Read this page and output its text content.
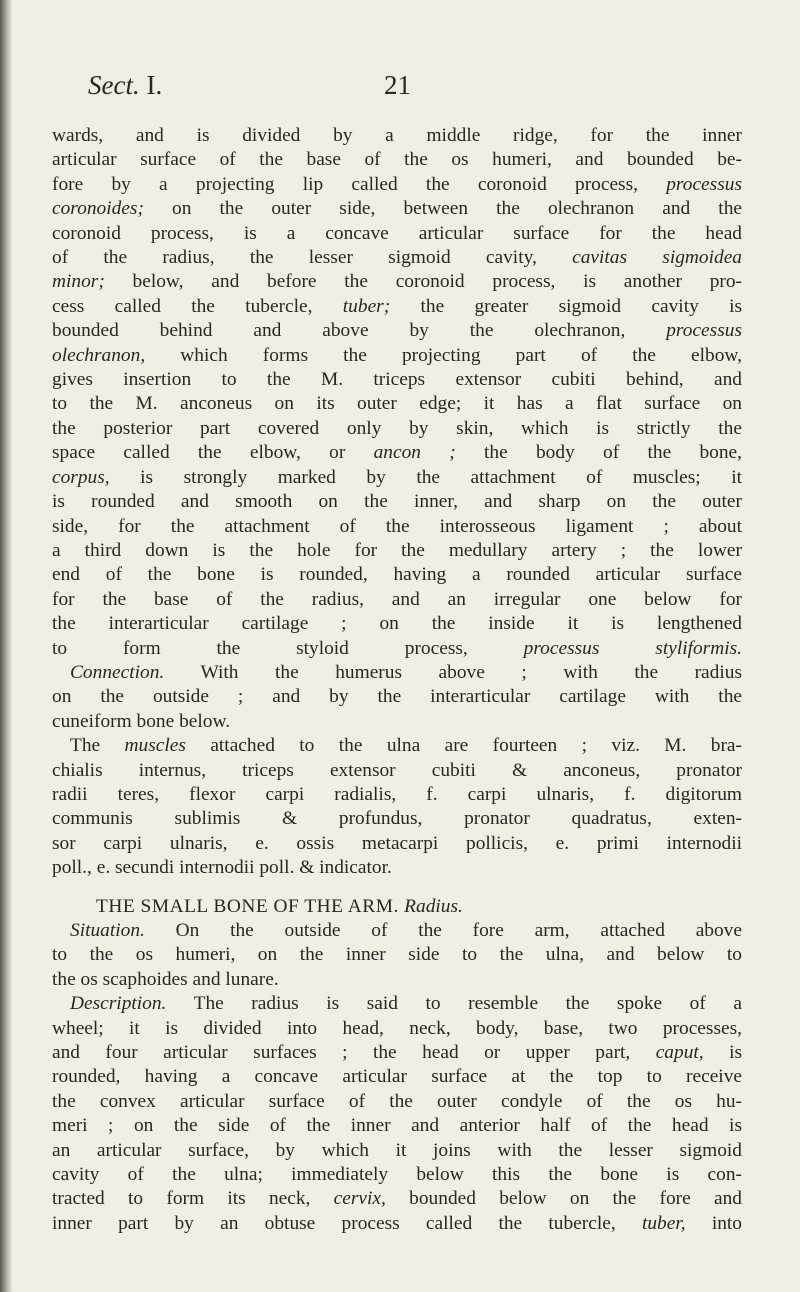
Sect. I.	21
wards, and is divided by a middle ridge, for the inner
articular surface of the base of the os humeri, and bounded be-
fore by a projecting lip called the coronoid process, processus
coronoides; on the outer side, between the olechranon and the
coronoid process, is a concave articular surface for the head
of the radius, the lesser sigmoid cavity, cavitas sigmoidea
minor; below, and before the coronoid process, is another pro-
cess called the tubercle, tuber; the greater sigmoid cavity is
bounded behind and above by the olechranon, processus
olechranon, which forms the projecting part of the elbow,
gives insertion to the M. triceps extensor cubiti behind, and
to the M. anconeus on its outer edge; it has a flat surface on
the posterior part covered only by skin, which is strictly the
space called the elbow, or ancon ; the body of the bone,
corpus, is strongly marked by the attachment of muscles; it
is rounded and smooth on the inner, and sharp on the outer
side, for the attachment of the interosseous ligament ; about
a third down is the hole for the medullary artery ; the lower
end of the bone is rounded, having a rounded articular surface
for the base of the radius, and an irregular one below for
the interarticular cartilage ; on the inside it is lengthened
to form the styloid process, processus styliformis.
Connection. With the humerus above ; with the radius
on the outside ; and by the interarticular cartilage with the
cuneiform bone below.
The muscles attached to the ulna are fourteen ; viz. M. bra-
chialis internus, triceps extensor cubiti & anconeus, pronator
radii teres, flexor carpi radialis, f. carpi ulnaris, f. digitorum
communis sublimis & profundus, pronator quadratus, exten-
sor carpi ulnaris, e. ossis metacarpi pollicis, e. primi internodii
poll., e. secundi internodii poll. & indicator.
THE SMALL BONE OF THE ARM. Radius.
Situation. On the outside of the fore arm, attached above
to the os humeri, on the inner side to the ulna, and below to
the os scaphoides and lunare.
Description. The radius is said to resemble the spoke of a
wheel; it is divided into head, neck, body, base, two processes,
and four articular surfaces ; the head or upper part, caput, is
rounded, having a concave articular surface at the top to receive
the convex articular surface of the outer condyle of the os hu-
meri ; on the side of the inner and anterior half of the head is
an articular surface, by which it joins with the lesser sigmoid
cavity of the ulna; immediately below this the bone is con-
tracted to form its neck, cervix, bounded below on the fore and
inner part by an obtuse process called the tubercle, tuber, into
